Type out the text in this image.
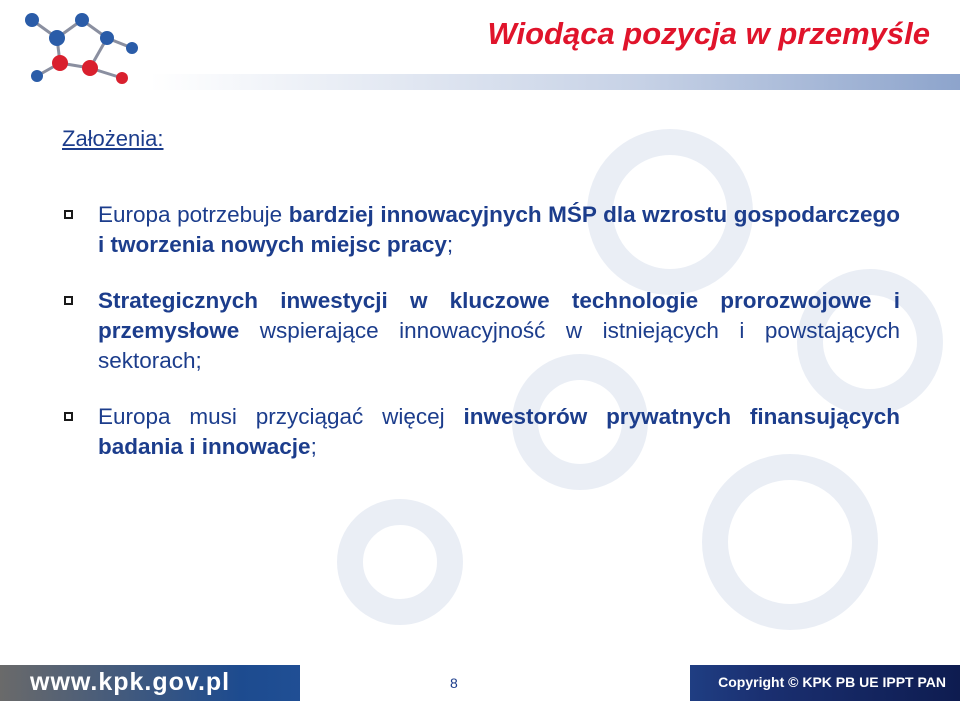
Wiodąca pozycja w przemyśle
Założenia:
Europa potrzebuje bardziej innowacyjnych MŚP dla wzrostu gospodarczego i tworzenia nowych miejsc pracy;
Strategicznych inwestycji w kluczowe technologie prorozwojowe i przemysłowe wspierające innowacyjność w istniejących i powstających sektorach;
Europa musi przyciągać więcej inwestorów prywatnych finansujących badania i innowacje;
www.kpk.gov.pl	8	Copyright © KPK PB UE IPPT PAN
